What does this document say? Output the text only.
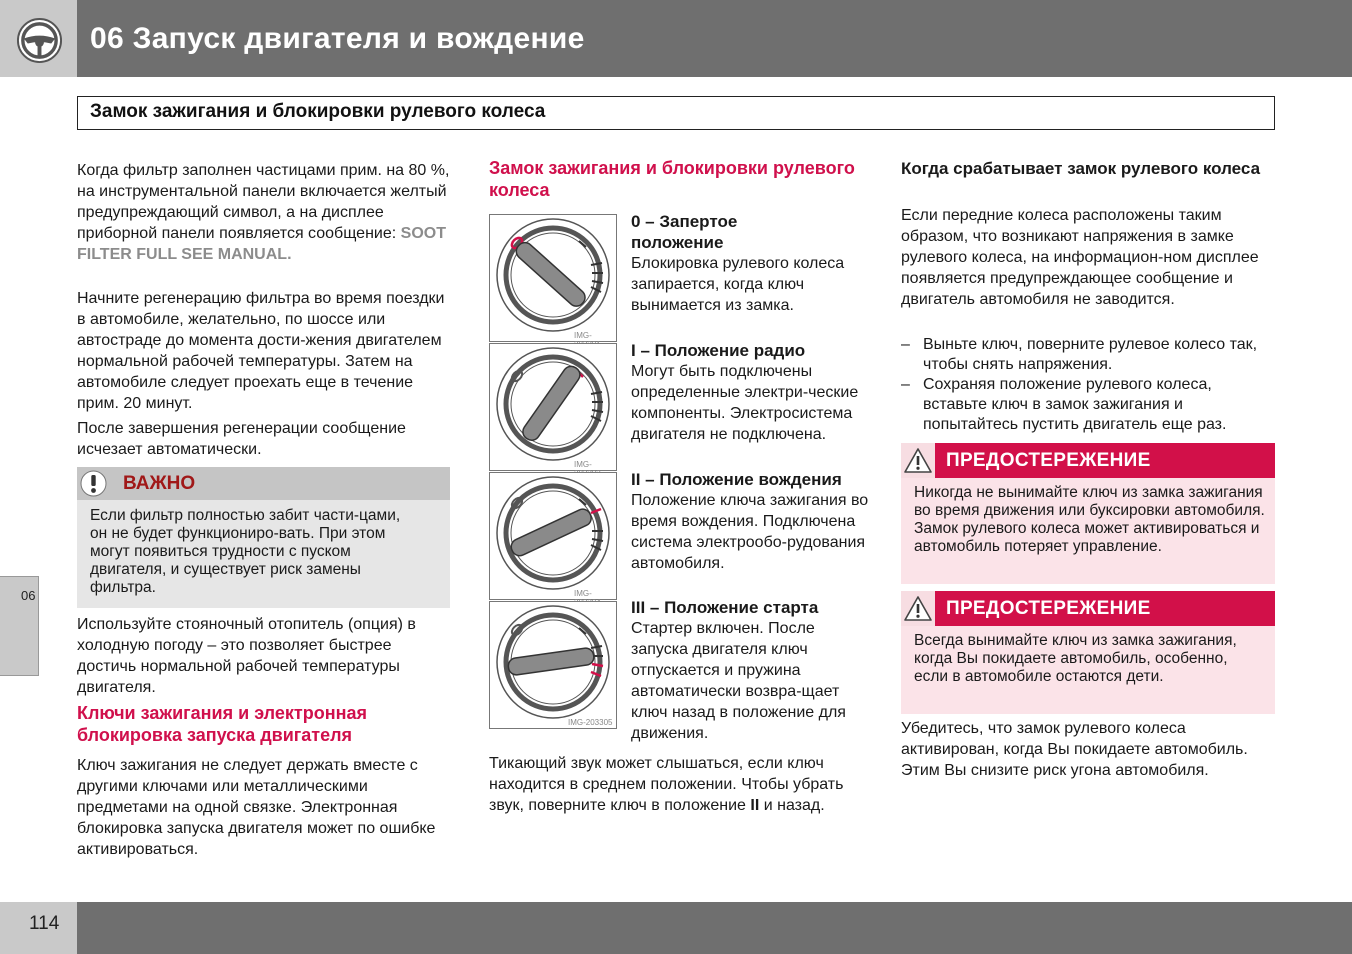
06 Запуск двигателя и вождение
Замок зажигания и блокировки рулевого колеса
06
Когда фильтр заполнен частицами прим. на 80 %, на инструментальной панели включается желтый предупреждающий символ, а на дисплее приборной панели появляется сообщение: SOOT FILTER FULL SEE MANUAL.
Начните регенерацию фильтра во время поездки в автомобиле, желательно, по шоссе или автостраде до момента дости-жения двигателем нормальной рабочей температуры. Затем на автомобиле следует проехать еще в течение прим. 20 минут.
После завершения регенерации сообщение исчезает автоматически.
ВАЖНО
Если фильтр полностью забит части-цами, он не будет функциониро-вать. При этом могут появиться трудности с пуском двигателя, и существует риск замены фильтра.
Используйте стояночный отопитель (опция) в холодную погоду – это позволяет быстрее достичь нормальной рабочей температуры двигателя.
Ключи зажигания и электронная блокировка запуска двигателя
Ключ зажигания не следует держать вместе с другими ключами или металлическими предметами на одной связке. Электронная блокировка запуска двигателя может по ошибке активироваться.
Замок зажигания и блокировки рулевого колеса
IMG-
IMG-
IMG-
IMG-203305
0 – Запертое положение
Блокировка рулевого колеса запирается, когда ключ вынимается из замка.
I – Положение радио
Могут быть подключены определенные электри-ческие компоненты. Электросистема двигателя не подключена.
II – Положение вождения
Положение ключа зажигания во время вождения. Подключена система электрообо-рудования автомобиля.
III – Положение старта
Стартер включен. После запуска двигателя ключ отпускается и пружина автоматически возвра-щает ключ назад в положение для движения.
Тикающий звук может слышаться, если ключ находится в среднем положении. Чтобы убрать звук, поверните ключ в положение II и назад.
Когда срабатывает замок рулевого колеса
Если передние колеса расположены таким образом, что возникают напряжения в замке рулевого колеса, на информацион-ном дисплее появляется предупреждающее сообщение и двигатель автомобиля не заводится.
– Выньте ключ, поверните рулевое колесо так, чтобы снять напряжения.
– Сохраняя положение рулевого колеса, вставьте ключ в замок зажигания и попытайтесь пустить двигатель еще раз.
ПРЕДОСТЕРЕЖЕНИЕ
Никогда не вынимайте ключ из замка зажигания во время движения или буксировки автомобиля. Замок рулевого колеса может активироваться и автомобиль потеряет управление.
ПРЕДОСТЕРЕЖЕНИЕ
Всегда вынимайте ключ из замка зажигания, когда Вы покидаете автомобиль, особенно, если в автомобиле остаются дети.
Убедитесь, что замок рулевого колеса активирован, когда Вы покидаете автомобиль. Этим Вы снизите риск угона автомобиля.
114
